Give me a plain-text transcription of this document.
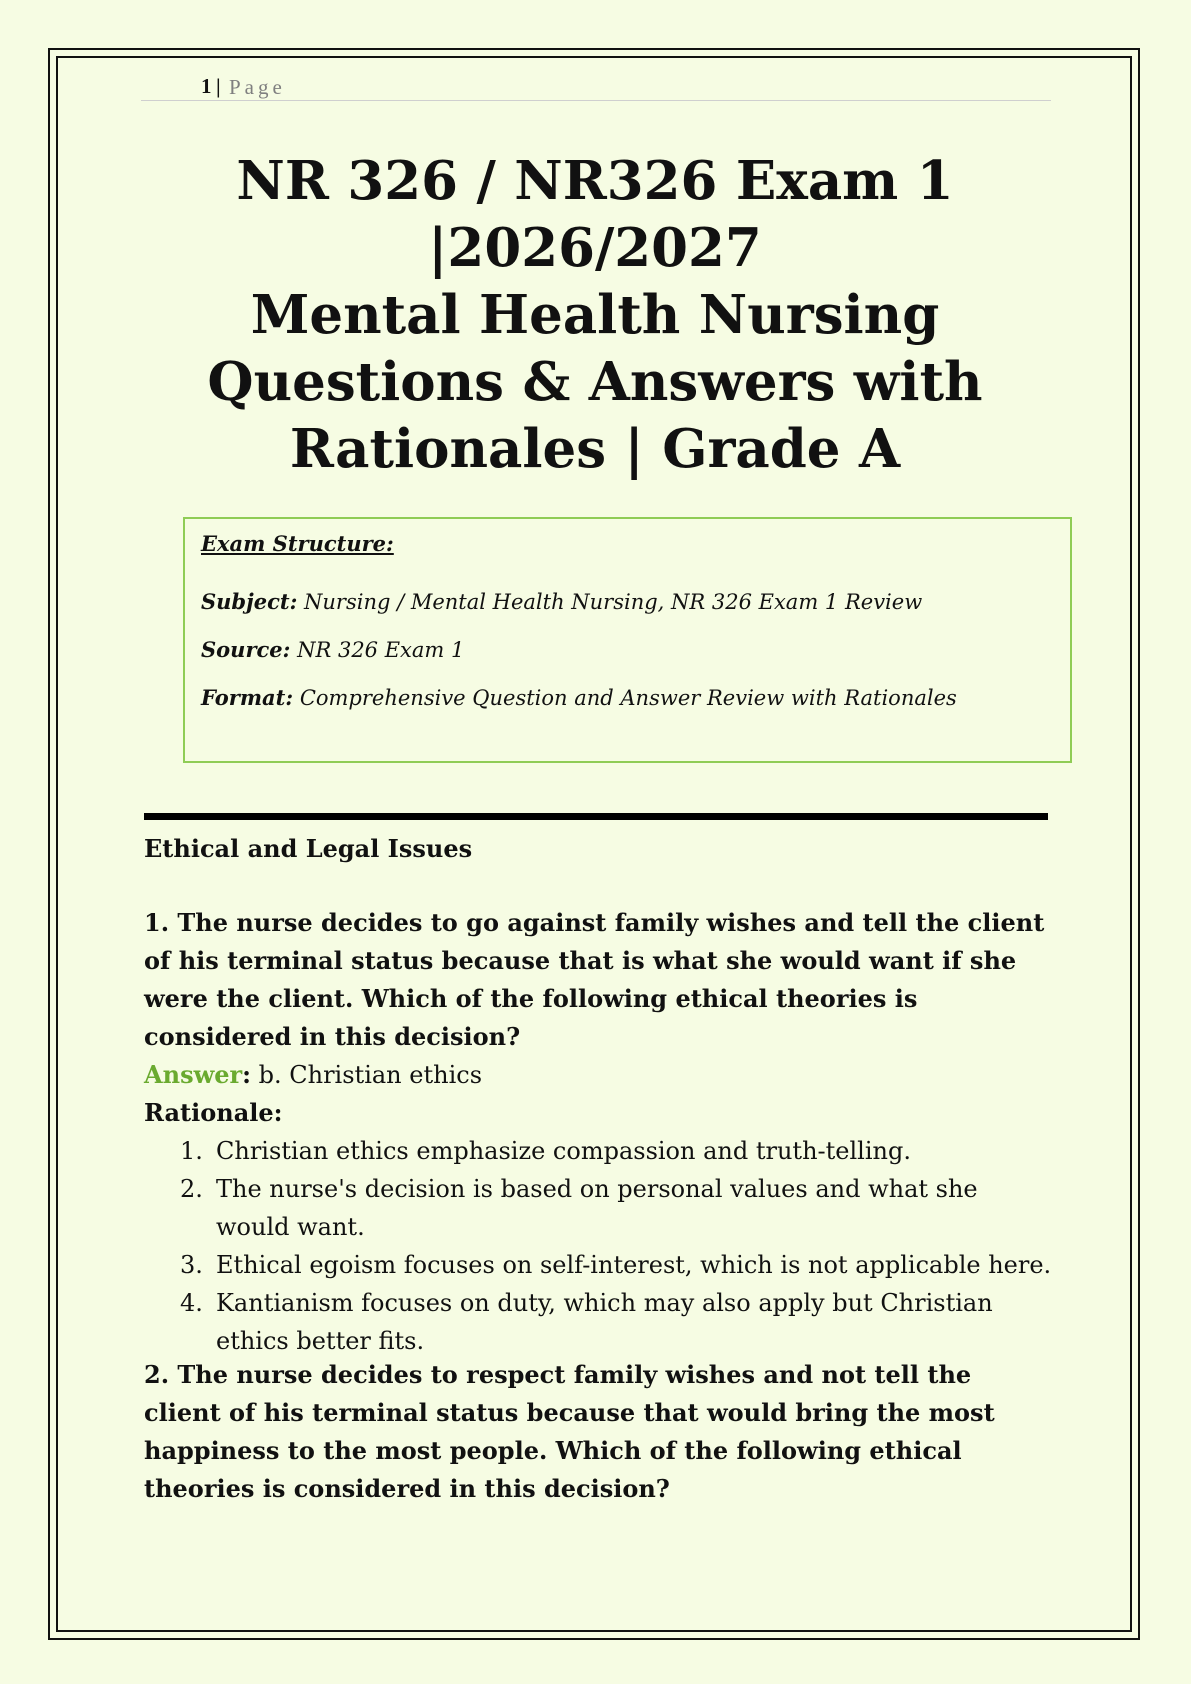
1 | Page
NR 326 / NR326 Exam 1 |2026/2027
Mental Health Nursing
Questions & Answers with
Rationales | Grade A
Exam Structure:
Subject: Nursing / Mental Health Nursing, NR 326 Exam 1 Review
Source: NR 326 Exam 1
Format: Comprehensive Question and Answer Review with Rationales
Ethical and Legal Issues

1. The nurse decides to go against family wishes and tell the client of his terminal status because that is what she would want if she were the client. Which of the following ethical theories is considered in this decision?

Answer: b. Christian ethics
Rationale:
1. Christian ethics emphasize compassion and truth-telling.
2. The nurse's decision is based on personal values and what she would want.
3. Ethical egoism focuses on self-interest, which is not applicable here.
4. Kantianism focuses on duty, which may also apply but Christian ethics better fits.

2. The nurse decides to respect family wishes and not tell the client of his terminal status because that would bring the most happiness to the most people. Which of the following ethical theories is considered in this decision?
